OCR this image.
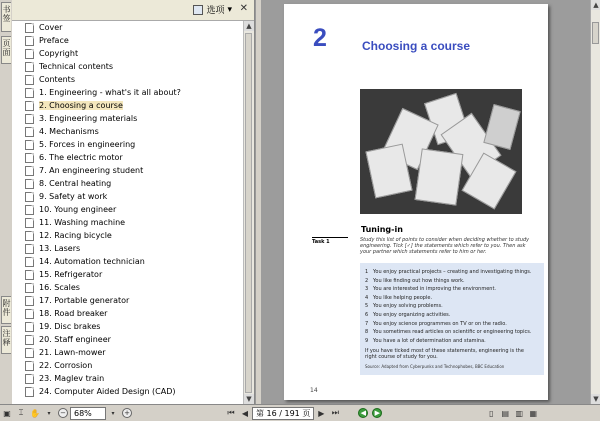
书签
页面
附件
注释
选项 ▾ ✕
Cover
Preface
Copyright
Technical contents
Contents
1. Engineering - what's it all about?
2. Choosing a course
3. Engineering materials
4. Mechanisms
5. Forces in engineering
6. The electric motor
7. An engineering student
8. Central heating
9. Safety at work
10. Young engineer
11. Washing machine
12. Racing bicycle
13. Lasers
14. Automation technician
15. Refrigerator
16. Scales
17. Portable generator
18. Road breaker
19. Disc brakes
20. Staff engineer
21. Lawn-mower
22. Corrosion
23. Maglev train
24. Computer Aided Design (CAD)
▲
▼
2	Choosing a course
Tuning-in
Task 1	Study this list of points to consider when deciding whether to study engineering. Tick [✓] the statements which refer to you. Then ask your partner which statements refer to him or her.
1 You enjoy practical projects – creating and investigating things.
2 You like finding out how things work.
3 You are interested in improving the environment.
4 You like helping people.
5 You enjoy solving problems.
6 You enjoy organizing activities.
7 You enjoy science programmes on TV or on the radio.
8 You sometimes read articles on scientific or engineering topics.
9 You have a lot of determination and stamina.
If you have ticked most of these statements, engineering is the right course of study for you.
Source: Adapted from Cyberpunks and Technophobes, BBC Education
14
▲
▼
▣ ⌶ ✋	▾	−	68%	▾	+	⏮ ◀ 第 16 / 191 页 ▶ ⏭	◀	▶	▯	▤ ▥ ▦
